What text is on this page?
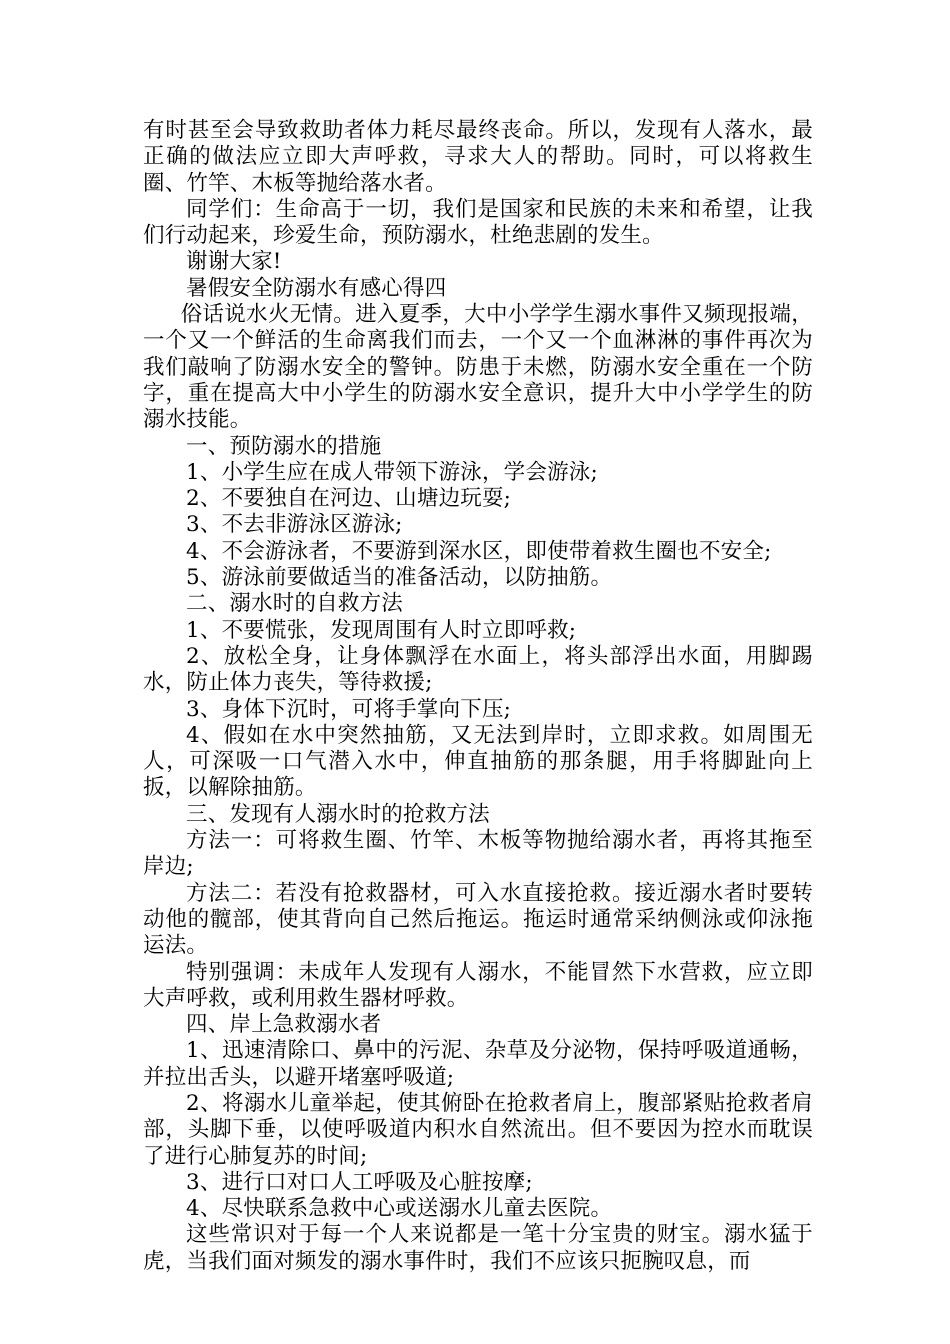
有时甚至会导致救助者体力耗尽最终丧命。所以，发现有人落水，最正确的做法应立即大声呼救，寻求大人的帮助。同时，可以将救生圈、竹竿、木板等抛给落水者。

同学们：生命高于一切，我们是国家和民族的未来和希望，让我们行动起来，珍爱生命，预防溺水，杜绝悲剧的发生。

谢谢大家!

暑假安全防溺水有感心得四

俗话说水火无情。进入夏季，大中小学学生溺水事件又频现报端，一个又一个鲜活的生命离我们而去，一个又一个血淋淋的事件再次为我们敲响了防溺水安全的警钟。防患于未燃，防溺水安全重在一个防字，重在提高大中小学生的防溺水安全意识，提升大中小学学生的防溺水技能。

一、预防溺水的措施

1、小学生应在成人带领下游泳，学会游泳;

2、不要独自在河边、山塘边玩耍;

3、不去非游泳区游泳;

4、不会游泳者，不要游到深水区，即使带着救生圈也不安全;

5、游泳前要做适当的准备活动，以防抽筋。

二、溺水时的自救方法

1、不要慌张，发现周围有人时立即呼救;

2、放松全身，让身体飘浮在水面上，将头部浮出水面，用脚踢水，防止体力丧失，等待救援;

3、身体下沉时，可将手掌向下压;

4、假如在水中突然抽筋，又无法到岸时，立即求救。如周围无人，可深吸一口气潜入水中，伸直抽筋的那条腿，用手将脚趾向上扳，以解除抽筋。

三、发现有人溺水时的抢救方法

方法一：可将救生圈、竹竿、木板等物抛给溺水者，再将其拖至岸边;

方法二：若没有抢救器材，可入水直接抢救。接近溺水者时要转动他的髋部，使其背向自己然后拖运。拖运时通常采纳侧泳或仰泳拖运法。

特别强调：未成年人发现有人溺水，不能冒然下水营救，应立即大声呼救，或利用救生器材呼救。

四、岸上急救溺水者

1、迅速清除口、鼻中的污泥、杂草及分泌物，保持呼吸道通畅，并拉出舌头，以避开堵塞呼吸道;

2、将溺水儿童举起，使其俯卧在抢救者肩上，腹部紧贴抢救者肩部，头脚下垂，以使呼吸道内积水自然流出。但不要因为控水而耽误了进行心肺复苏的时间;

3、进行口对口人工呼吸及心脏按摩;

4、尽快联系急救中心或送溺水儿童去医院。

这些常识对于每一个人来说都是一笔十分宝贵的财宝。溺水猛于虎，当我们面对频发的溺水事件时，我们不应该只扼腕叹息，而
